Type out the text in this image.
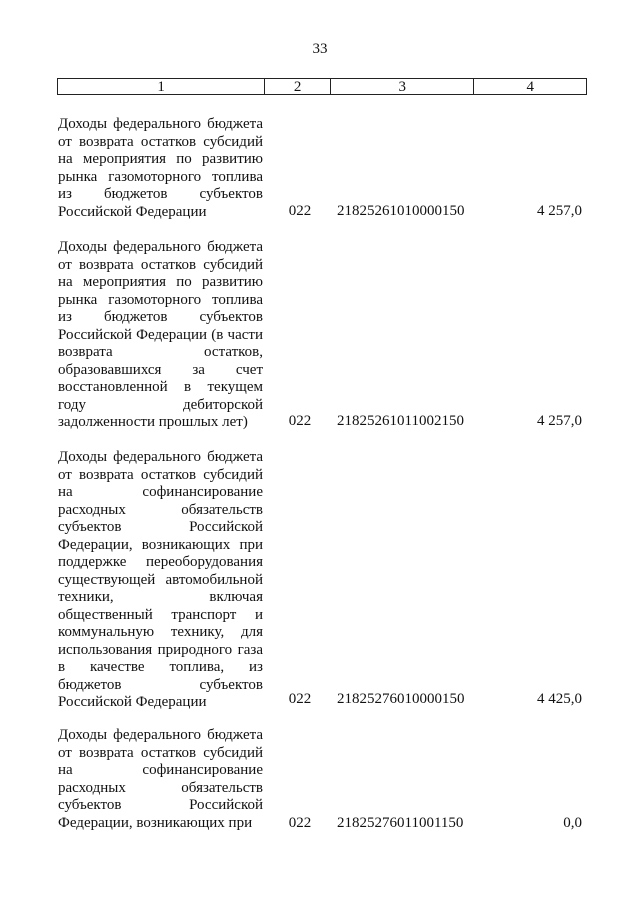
33
1	2	3	4
Доходы федерального бюджета от возврата остатков субсидий на мероприятия по развитию рынка газомоторного топлива из бюджетов субъектов Российской Федерации	022 21825261010000150	4 257,0
Доходы федерального бюджета от возврата остатков субсидий на мероприятия по развитию рынка газомоторного топлива из бюджетов субъектов Российской Федерации (в части возврата остатков, образовавшихся за счет восстановленной в текущем году дебиторской задолженности прошлых лет)	022 21825261011002150	4 257,0
Доходы федерального бюджета от возврата остатков субсидий на софинансирование расходных обязательств субъектов Российской Федерации, возникающих при поддержке переоборудования существующей автомобильной техники, включая общественный транспорт и коммунальную технику, для использования природного газа в качестве топлива, из бюджетов субъектов Российской Федерации	022 21825276010000150	4 425,0
Доходы федерального бюджета от возврата остатков субсидий на софинансирование расходных обязательств субъектов Российской Федерации, возникающих при	022 21825276011001150	0,0
